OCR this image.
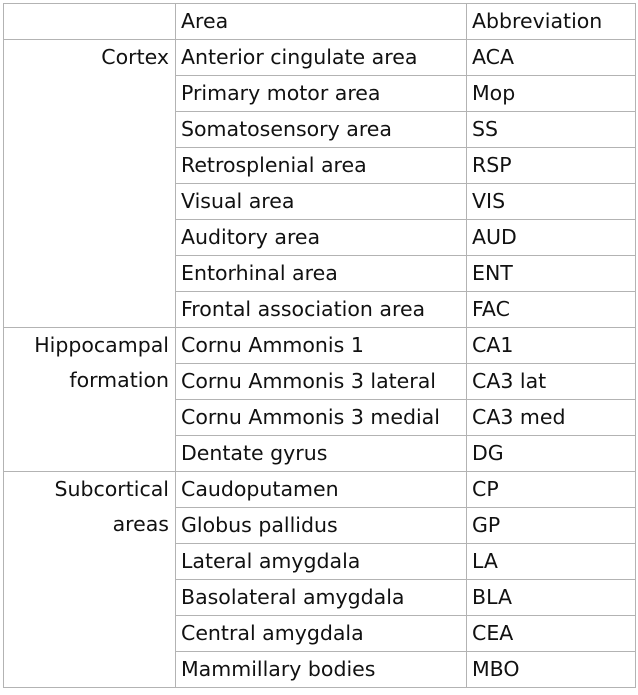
	Area	Abbreviation

Cortex	Anterior cingulate area	ACA
	Primary motor area	Mop
	Somatosensory area	SS
	Retrosplenial area	RSP
	Visual area	VIS
	Auditory area	AUD
	Entorhinal area	ENT
	Frontal association area	FAC

Hippocampal
formation	Cornu Ammonis 1	CA1
	Cornu Ammonis 3 lateral	CA3 lat
	Cornu Ammonis 3 medial	CA3 med
	Dentate gyrus	DG

Subcortical
areas	Caudoputamen	CP
	Globus pallidus	GP
	Lateral amygdala	LA
	Basolateral amygdala	BLA
	Central amygdala	CEA
	Mammillary bodies	MBO
